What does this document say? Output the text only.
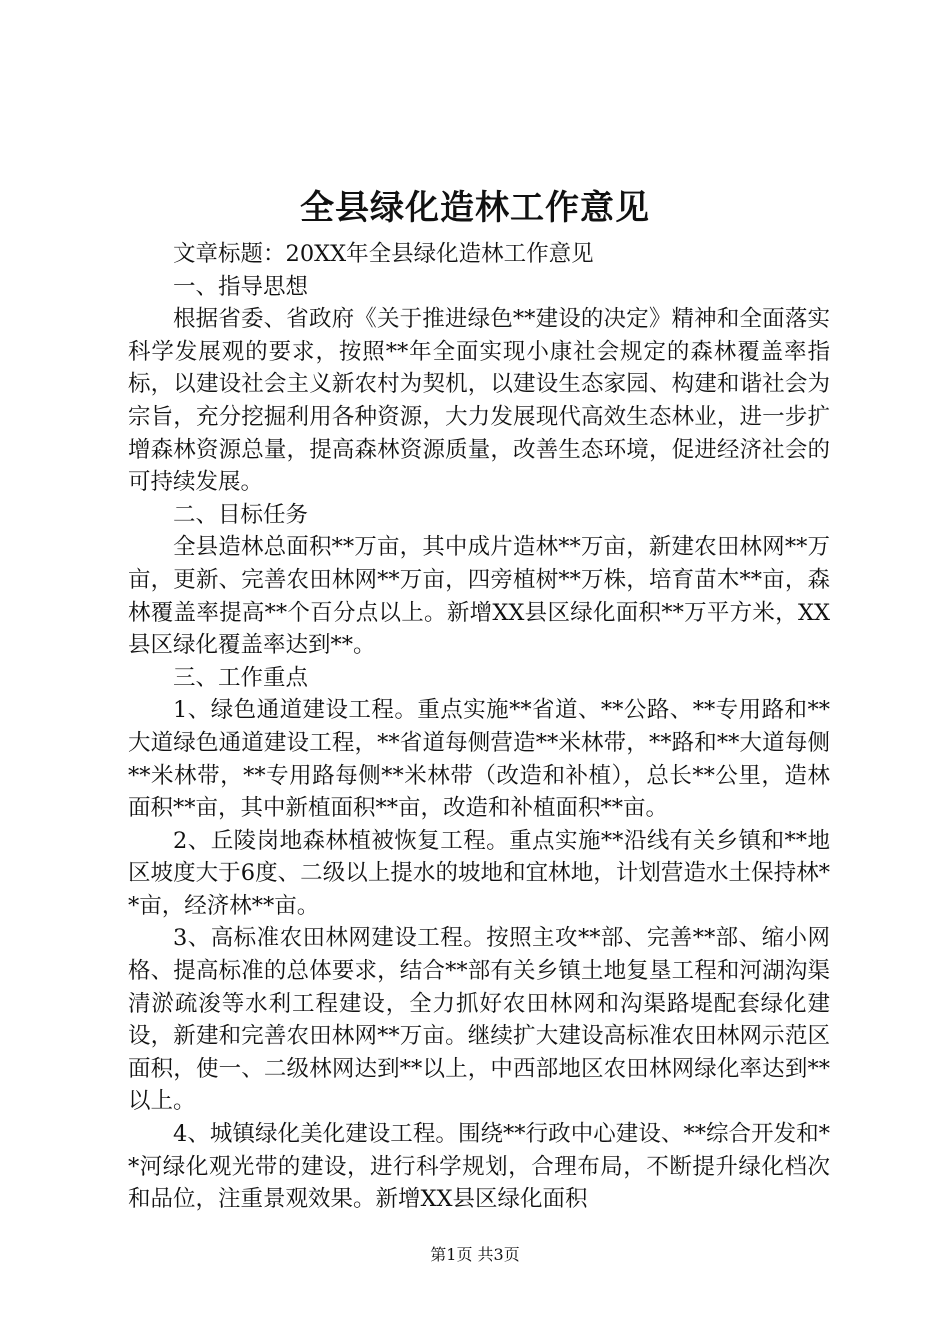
全县绿化造林工作意见

文章标题：20XX年全县绿化造林工作意见

一、指导思想

根据省委、省政府《关于推进绿色**建设的决定》精神和全面落实科学发展观的要求，按照**年全面实现小康社会规定的森林覆盖率指标，以建设社会主义新农村为契机，以建设生态家园、构建和谐社会为宗旨，充分挖掘利用各种资源，大力发展现代高效生态林业，进一步扩增森林资源总量，提高森林资源质量，改善生态环境，促进经济社会的可持续发展。

二、目标任务

全县造林总面积**万亩，其中成片造林**万亩，新建农田林网**万亩，更新、完善农田林网**万亩，四旁植树**万株，培育苗木**亩，森林覆盖率提高**个百分点以上。新增XX县区绿化面积**万平方米，XX县区绿化覆盖率达到**。

三、工作重点

1、绿色通道建设工程。重点实施**省道、**公路、**专用路和**大道绿色通道建设工程，**省道每侧营造**米林带，**路和**大道每侧**米林带，**专用路每侧**米林带（改造和补植），总长**公里，造林面积**亩，其中新植面积**亩，改造和补植面积**亩。

2、丘陵岗地森林植被恢复工程。重点实施**沿线有关乡镇和**地区坡度大于6度、二级以上提水的坡地和宜林地，计划营造水土保持林**亩，经济林**亩。

3、高标准农田林网建设工程。按照主攻**部、完善**部、缩小网格、提高标准的总体要求，结合**部有关乡镇土地复垦工程和河湖沟渠清淤疏浚等水利工程建设，全力抓好农田林网和沟渠路堤配套绿化建设，新建和完善农田林网**万亩。继续扩大建设高标准农田林网示范区面积，使一、二级林网达到**以上，中西部地区农田林网绿化率达到**以上。

4、城镇绿化美化建设工程。围绕**行政中心建设、**综合开发和**河绿化观光带的建设，进行科学规划，合理布局，不断提升绿化档次和品位，注重景观效果。新增XX县区绿化面积

第1页 共3页
